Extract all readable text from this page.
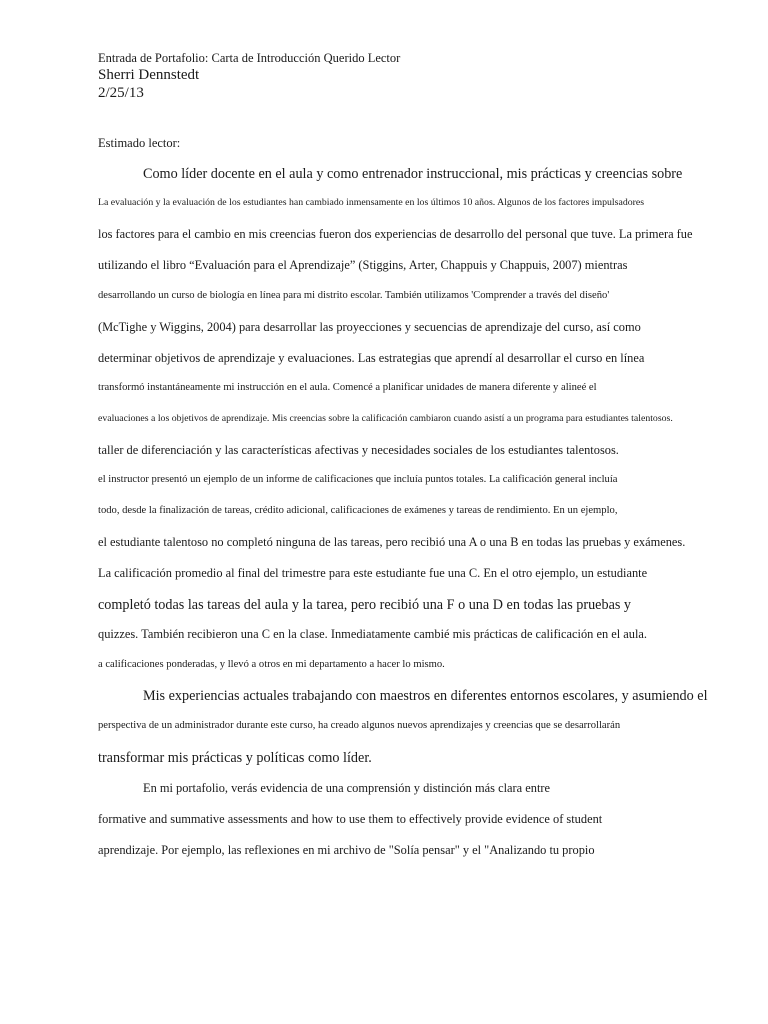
Entrada de Portafolio: Carta de Introducción Querido Lector
Sherri Dennstedt
2/25/13
Estimado lector:
Como líder docente en el aula y como entrenador instruccional, mis prácticas y creencias sobre
La evaluación y la evaluación de los estudiantes han cambiado inmensamente en los últimos 10 años. Algunos de los factores impulsadores
los factores para el cambio en mis creencias fueron dos experiencias de desarrollo del personal que tuve. La primera fue
utilizando el libro “Evaluación para el Aprendizaje” (Stiggins, Arter, Chappuis y Chappuis, 2007) mientras
desarrollando un curso de biología en línea para mi distrito escolar. También utilizamos 'Comprender a través del diseño'
(McTighe y Wiggins, 2004) para desarrollar las proyecciones y secuencias de aprendizaje del curso, así como
determinar objetivos de aprendizaje y evaluaciones. Las estrategias que aprendí al desarrollar el curso en línea
transformó instantáneamente mi instrucción en el aula. Comencé a planificar unidades de manera diferente y alineé el
evaluaciones a los objetivos de aprendizaje. Mis creencias sobre la calificación cambiaron cuando asistí a un programa para estudiantes talentosos.
taller de diferenciación y las características afectivas y necesidades sociales de los estudiantes talentosos.
el instructor presentó un ejemplo de un informe de calificaciones que incluía puntos totales. La calificación general incluía
todo, desde la finalización de tareas, crédito adicional, calificaciones de exámenes y tareas de rendimiento. En un ejemplo,
el estudiante talentoso no completó ninguna de las tareas, pero recibió una A o una B en todas las pruebas y exámenes.
La calificación promedio al final del trimestre para este estudiante fue una C. En el otro ejemplo, un estudiante
completó todas las tareas del aula y la tarea, pero recibió una F o una D en todas las pruebas y
quizzes. También recibieron una C en la clase. Inmediatamente cambié mis prácticas de calificación en el aula.
a calificaciones ponderadas, y llevó a otros en mi departamento a hacer lo mismo.
Mis experiencias actuales trabajando con maestros en diferentes entornos escolares, y asumiendo el
perspectiva de un administrador durante este curso, ha creado algunos nuevos aprendizajes y creencias que se desarrollarán
transformar mis prácticas y políticas como líder.
En mi portafolio, verás evidencia de una comprensión y distinción más clara entre
formative and summative assessments and how to use them to effectively provide evidence of student
aprendizaje. Por ejemplo, las reflexiones en mi archivo de "Solía pensar" y el "Analizando tu propio
